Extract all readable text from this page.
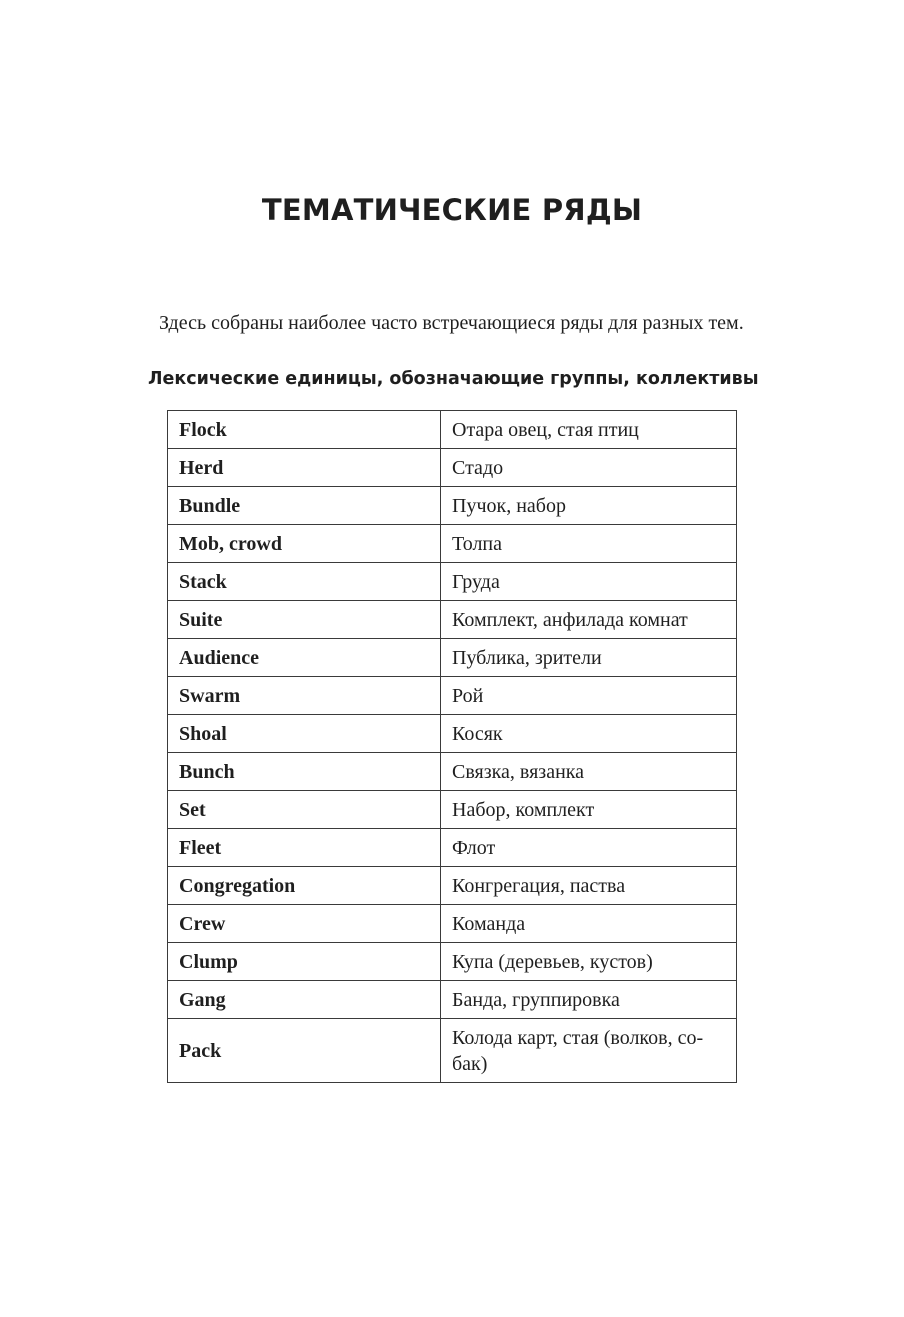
ТЕМАТИЧЕСКИЕ РЯДЫ

Здесь собраны наиболее часто встречающиеся ряды для разных тем.

Лексические единицы, обозначающие группы, коллективы
Flock	Отара овец, стая птиц
Herd	Стадо
Bundle	Пучок, набор
Mob, crowd	Толпа
Stack	Груда
Suite	Комплект, анфилада комнат
Audience	Публика, зрители
Swarm	Рой
Shoal	Косяк
Bunch	Связка, вязанка
Set	Набор, комплект
Fleet	Флот
Congregation	Конгрегация, паства
Crew	Команда
Clump	Купа (деревьев, кустов)
Gang	Банда, группировка
Pack	Колода карт, стая (волков, со-
бак)
